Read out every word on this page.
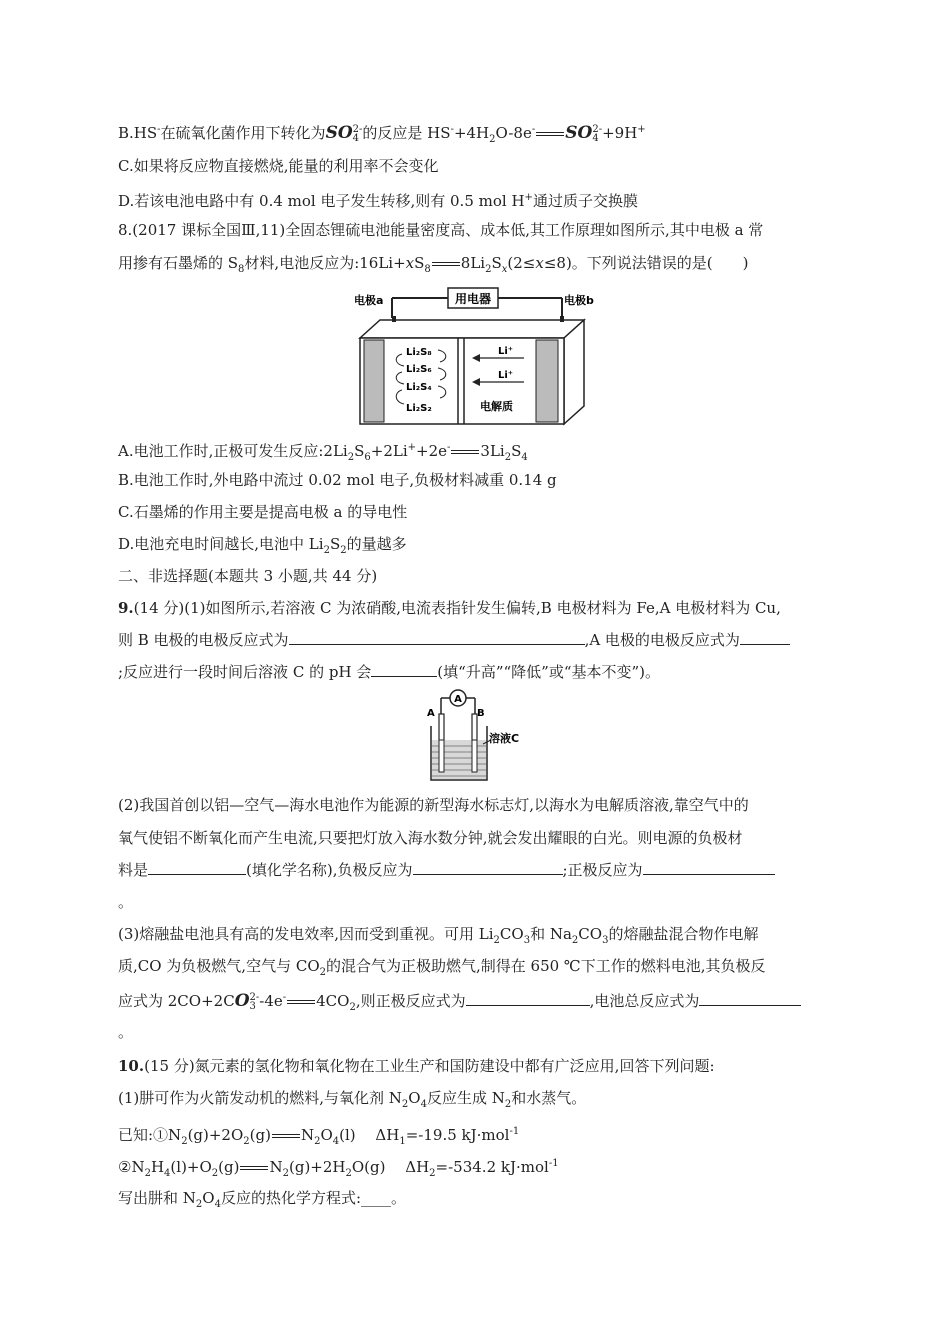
B.HS-在硫氧化菌作用下转化为SO2-
4 的反应是 $HS^-+4H_2O-8e^-$ SO2-
4 +9H+
C.如果将反应物直接燃烧,能量的利用率不会变化
D.若该电池电路中有 0.4 mol 电子发生转移,则有 0.5 mol H+通过质子交换膜
8.(2017 课标全国Ⅲ,11)全固态锂硫电池能量密度高、成本低,其工作原理如图所示,其中电极 a 常
用掺有石墨烯的 $S_8$材料,电池反应为$:16Li+xS_8$ $8Li_2S_x(2\le x\le 8)$。下列说法错误的是(　　)
用电器
电极a	电极b
Li₂S₈
Li₂S₆
Li₂S₄
Li₂S₂
Li⁺
Li⁺
电解质
A.电池工作时,正极可发生反应$:2Li_2S_6+2Li^++2e^-$ $3Li_2S_4$
B.电池工作时,外电路中流过 0.02 mol 电子,负极材料减重 0.14 g
C.石墨烯的作用主要是提高电极 a 的导电性
D.电池充电时间越长,电池中 $Li_2S_2$的量越多
二、非选择题(本题共 3 小题,共 44 分)
9.(14 分)(1)如图所示,若溶液 C 为浓硝酸,电流表指针发生偏转,B 电极材料为 Fe,A 电极材料为 Cu,
则 B 电极的电极反应式为	,A 电极的电极反应式为
;反应进行一段时间后溶液 C 的 pH 会	(填“升高”“降低”或“基本不变”)。
A
A	B
溶液C
(2)我国首创以铝—空气—海水电池作为能源的新型海水标志灯,以海水为电解质溶液,靠空气中的
氧气使铝不断氧化而产生电流,只要把灯放入海水数分钟,就会发出耀眼的白光。则电源的负极材
料是	(填化学名称),负极反应为	;正极反应为
。
(3)熔融盐电池具有高的发电效率,因而受到重视。可用 $Li_2CO_3$和 $Na_2CO_3$的熔融盐混合物作电解
质,CO 为负极燃气,空气与 $CO_2$的混合气为正极助燃气,制得在 650 ℃下工作的燃料电池,其负极反
应式为 2CO+2CO2-
3 -4e- $4CO_2$,则正极反应式为	,电池总反应式为
。
10.(15 分)氮元素的氢化物和氧化物在工业生产和国防建设中都有广泛应用,回答下列问题:
(1)肼可作为火箭发动机的燃料,与氧化剂 $N_2O_4$反应生成 $N_2$和水蒸气。
已知$:①N_2(g)+2O_2(g)$ $N_2O_4(l)$　 $\Delta H_1=-19.5$ kJ·mol$^{-1}$
$②N_2H_4(l)+O_2(g)$ $N_2(g)+2H_2O(g)$　 $\Delta H_2=-534.2$ kJ·mol$^{-1}$
写出肼和 $N_2O_4$反应的热化学方程式:____。
